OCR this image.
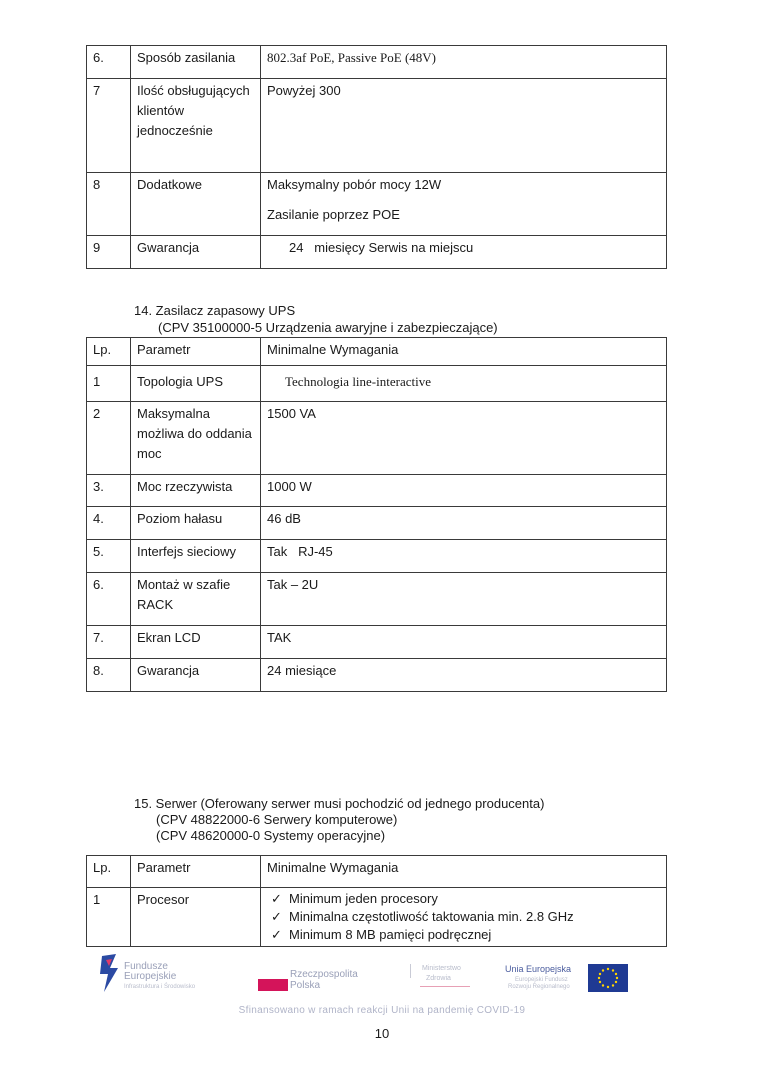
6.	Sposób zasilania	802.3af PoE, Passive PoE (48V)
7	Ilość obsługujących klientów jednocześnie	Powyżej 300
8	Dodatkowe	Maksymalny pobór mocy 12W
Zasilanie poprzez POE

9	Gwarancja	24   miesięcy Serwis na miejscu
14. Zasilacz zapasowy UPS
(CPV 35100000-5 Urządzenia awaryjne i zabezpieczające)
Lp.	Parametr	Minimalne Wymagania
1	Topologia UPS	Technologia line-interactive
2	Maksymalna możliwa do oddania moc	1500 VA
3.	Moc rzeczywista	1000 W
4.	Poziom hałasu	46 dB
5.	Interfejs sieciowy	Tak   RJ-45
6.	Montaż w szafie RACK	Tak – 2U
7.	Ekran LCD	TAK
8.	Gwarancja	24 miesiące
15. Serwer (Oferowany serwer musi pochodzić od jednego producenta)
(CPV 48822000-6 Serwery komputerowe)
(CPV 48620000-0 Systemy operacyjne)
Lp.	Parametr	Minimalne Wymagania
1	Procesor	✓ Minimum jeden procesory
✓ Minimalna częstotliwość taktowania min. 2.8 GHz
✓ Minimum 8 MB pamięci podręcznej
Fundusze
Europejskie
Infrastruktura i Środowisko
Rzeczpospolita
Polska
Ministerstwo
Zdrowia
Unia Europejska
Europejski Fundusz
Rozwoju Regionalnego
Sfinansowano w ramach reakcji Unii na pandemię COVID-19
10
